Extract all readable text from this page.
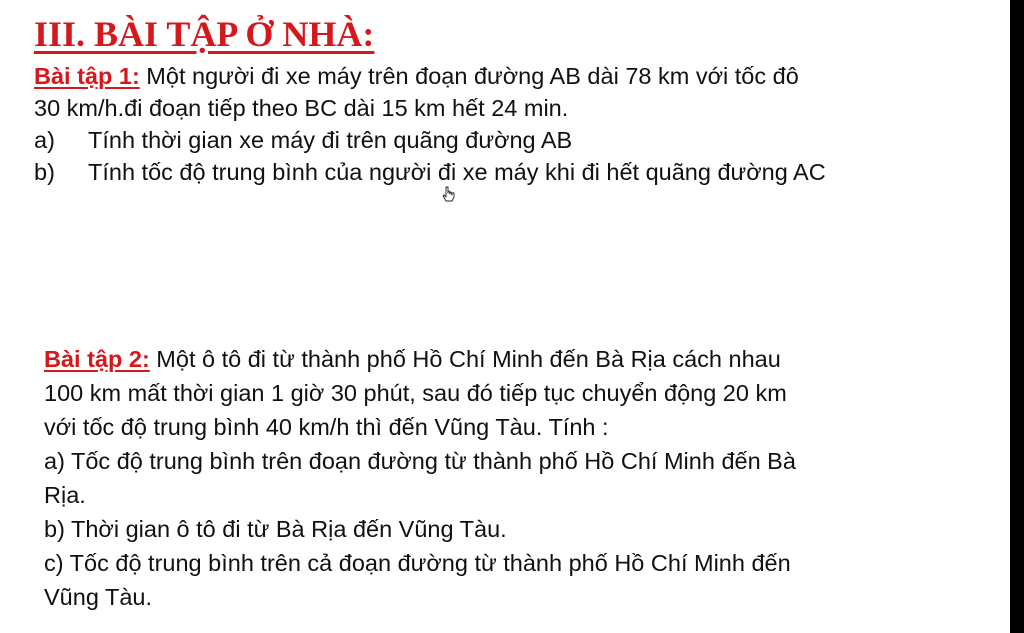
III. BÀI TẬP Ở NHÀ:

Bài tập 1: Một người đi xe máy trên đoạn đường AB dài 78 km với tốc đô

30 km/h.đi đoạn tiếp theo BC dài 15 km hết 24 min.

a) Tính thời gian xe máy đi trên quãng đường AB

b) Tính tốc độ trung bình của người đi xe máy khi đi hết quãng đường AC

Bài tập 2: Một ô tô đi từ thành phố Hồ Chí Minh đến Bà Rịa cách nhau

100 km mất thời gian 1 giờ 30 phút, sau đó tiếp tục chuyển động 20 km

với tốc độ trung bình 40 km/h thì đến Vũng Tàu. Tính :

a) Tốc độ trung bình trên đoạn đường từ thành phố Hồ Chí Minh đến Bà

Rịa.

b) Thời gian ô tô đi từ Bà Rịa đến Vũng Tàu.

c) Tốc độ trung bình trên cả đoạn đường từ thành phố Hồ Chí Minh đến

Vũng Tàu.
